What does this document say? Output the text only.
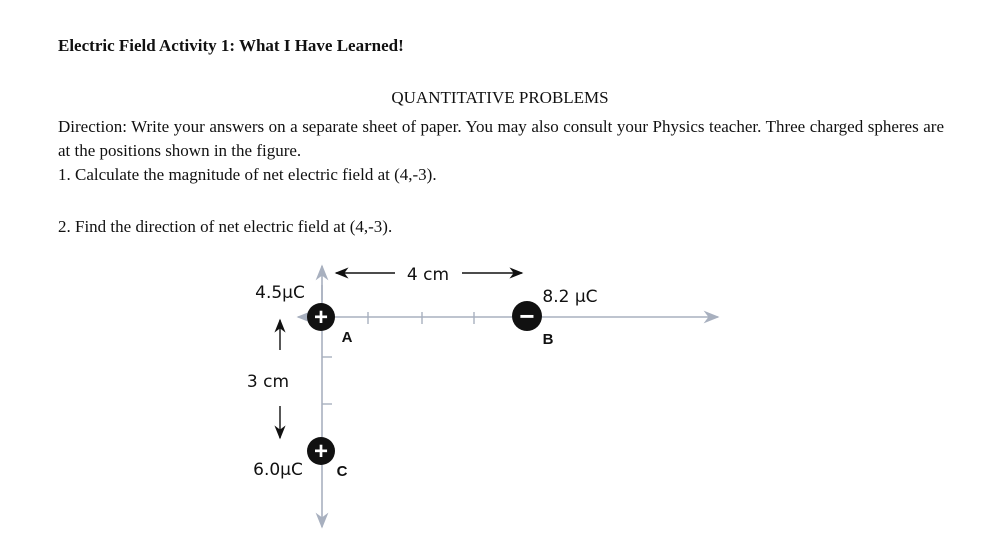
Electric Field Activity 1: What I Have Learned!
QUANTITATIVE PROBLEMS
Direction: Write your answers on a separate sheet of paper. You may also consult your Physics teacher. Three charged spheres are at the positions shown in the figure.
1. Calculate the magnitude of net electric field at (4,-3).
2. Find the direction of net electric field at (4,-3).
4 cm
3 cm
4.5μC
+
A
8.2 μC
−
B
6.0μC
+
C
